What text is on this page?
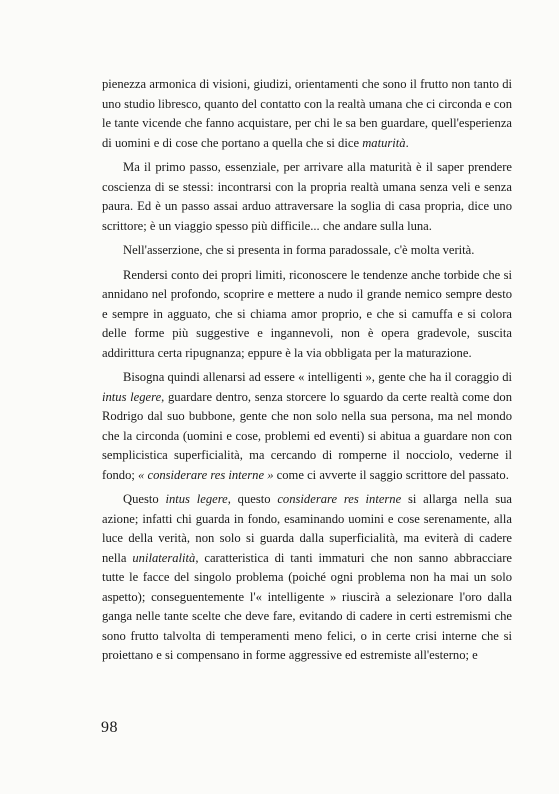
pienezza armonica di visioni, giudizi, orientamenti che sono il frutto non tanto di uno studio libresco, quanto del contatto con la realtà umana che ci circonda e con le tante vicende che fanno acquistare, per chi le sa ben guardare, quell'esperienza di uomini e di cose che portano a quella che si dice maturità.

Ma il primo passo, essenziale, per arrivare alla maturità è il saper prendere coscienza di se stessi: incontrarsi con la propria realtà umana senza veli e senza paura. Ed è un passo assai arduo attraversare la soglia di casa propria, dice uno scrittore; è un viaggio spesso più difficile... che andare sulla luna.

Nell'asserzione, che si presenta in forma paradossale, c'è molta verità.

Rendersi conto dei propri limiti, riconoscere le tendenze anche torbide che si annidano nel profondo, scoprire e mettere a nudo il grande nemico sempre desto e sempre in agguato, che si chiama amor proprio, e che si camuffa e si colora delle forme più suggestive e ingannevoli, non è opera gradevole, suscita addirittura certa ripugnanza; eppure è la via obbligata per la maturazione.

Bisogna quindi allenarsi ad essere « intelligenti », gente che ha il coraggio di intus legere, guardare dentro, senza storcere lo sguardo da certe realtà come don Rodrigo dal suo bubbone, gente che non solo nella sua persona, ma nel mondo che la circonda (uomini e cose, problemi ed eventi) si abitua a guardare non con semplicistica superficialità, ma cercando di romperne il nocciolo, vederne il fondo; « considerare res interne » come ci avverte il saggio scrittore del passato.

Questo intus legere, questo considerare res interne si allarga nella sua azione; infatti chi guarda in fondo, esaminando uomini e cose serenamente, alla luce della verità, non solo si guarda dalla superficialità, ma eviterà di cadere nella unilateralità, caratteristica di tanti immaturi che non sanno abbracciare tutte le facce del singolo problema (poiché ogni problema non ha mai un solo aspetto); conseguentemente l'« intelligente » riuscirà a selezionare l'oro dalla ganga nelle tante scelte che deve fare, evitando di cadere in certi estremismi che sono frutto talvolta di temperamenti meno felici, o in certe crisi interne che si proiettano e si compensano in forme aggressive ed estremiste all'esterno; e

98
